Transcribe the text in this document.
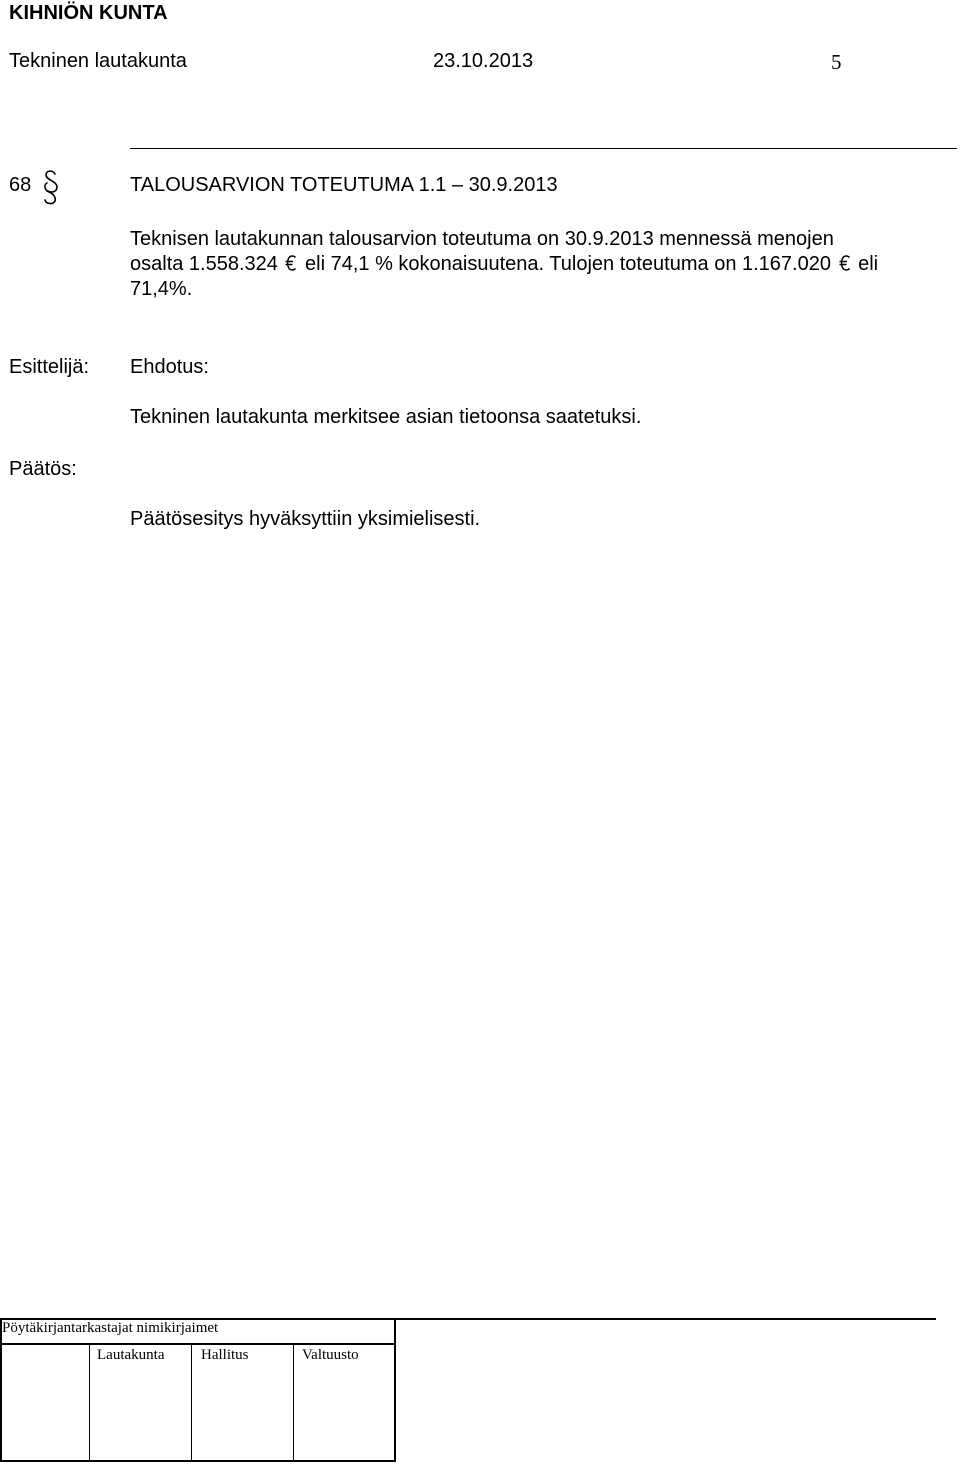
KIHNIÖN KUNTA
Tekninen lautakunta	23.10.2013	5
68	TALOUSARVION TOTEUTUMA 1.1 – 30.9.2013
Teknisen lautakunnan talousarvion toteutuma on 30.9.2013 mennessä menojen
osalta 1.558.324 eli 74,1 % kokonaisuutena. Tulojen toteutuma on 1.167.020 eli
71,4%.
Esittelijä: Ehdotus:
Tekninen lautakunta merkitsee asian tietoonsa saatetuksi.
Päätös:
Päätösesitys hyväksyttiin yksimielisesti.
Pöytäkirjantarkastajat nimikirjaimet
Lautakunta Hallitus	Valtuusto
